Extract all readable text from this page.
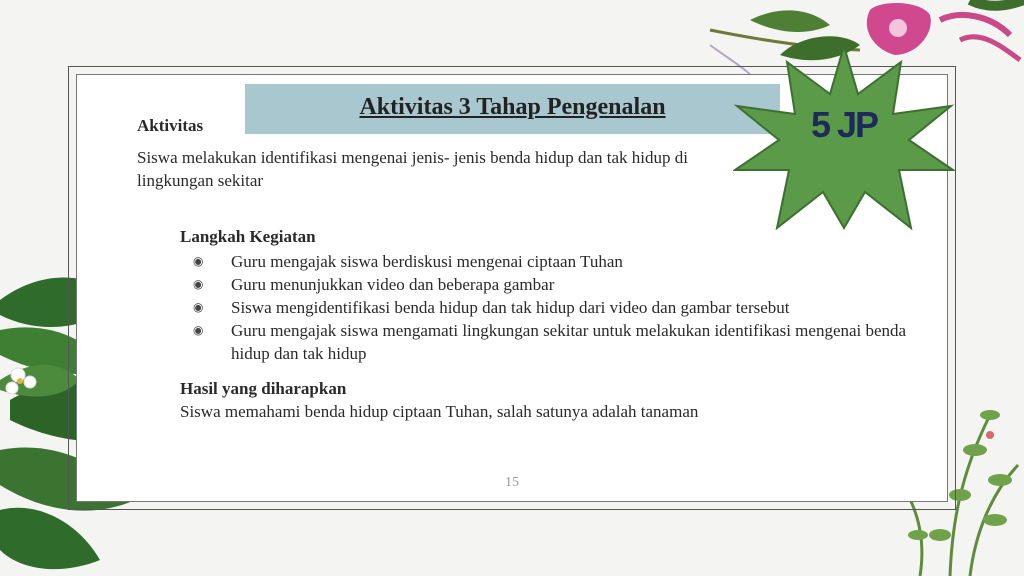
Aktivitas 3 Tahap Pengenalan	5 JP
Aktivitas
Siswa melakukan identifikasi mengenai jenis- jenis benda hidup dan tak hidup di lingkungan sekitar
Langkah Kegiatan
◉ Guru mengajak siswa berdiskusi mengenai ciptaan Tuhan
◉ Guru menunjukkan video dan beberapa gambar
◉ Siswa mengidentifikasi benda hidup dan tak hidup dari video dan gambar tersebut
◉ Guru mengajak siswa mengamati lingkungan sekitar untuk melakukan identifikasi mengenai benda hidup dan tak hidup
Hasil yang diharapkan
Siswa memahami benda hidup ciptaan Tuhan, salah satunya adalah tanaman
15
